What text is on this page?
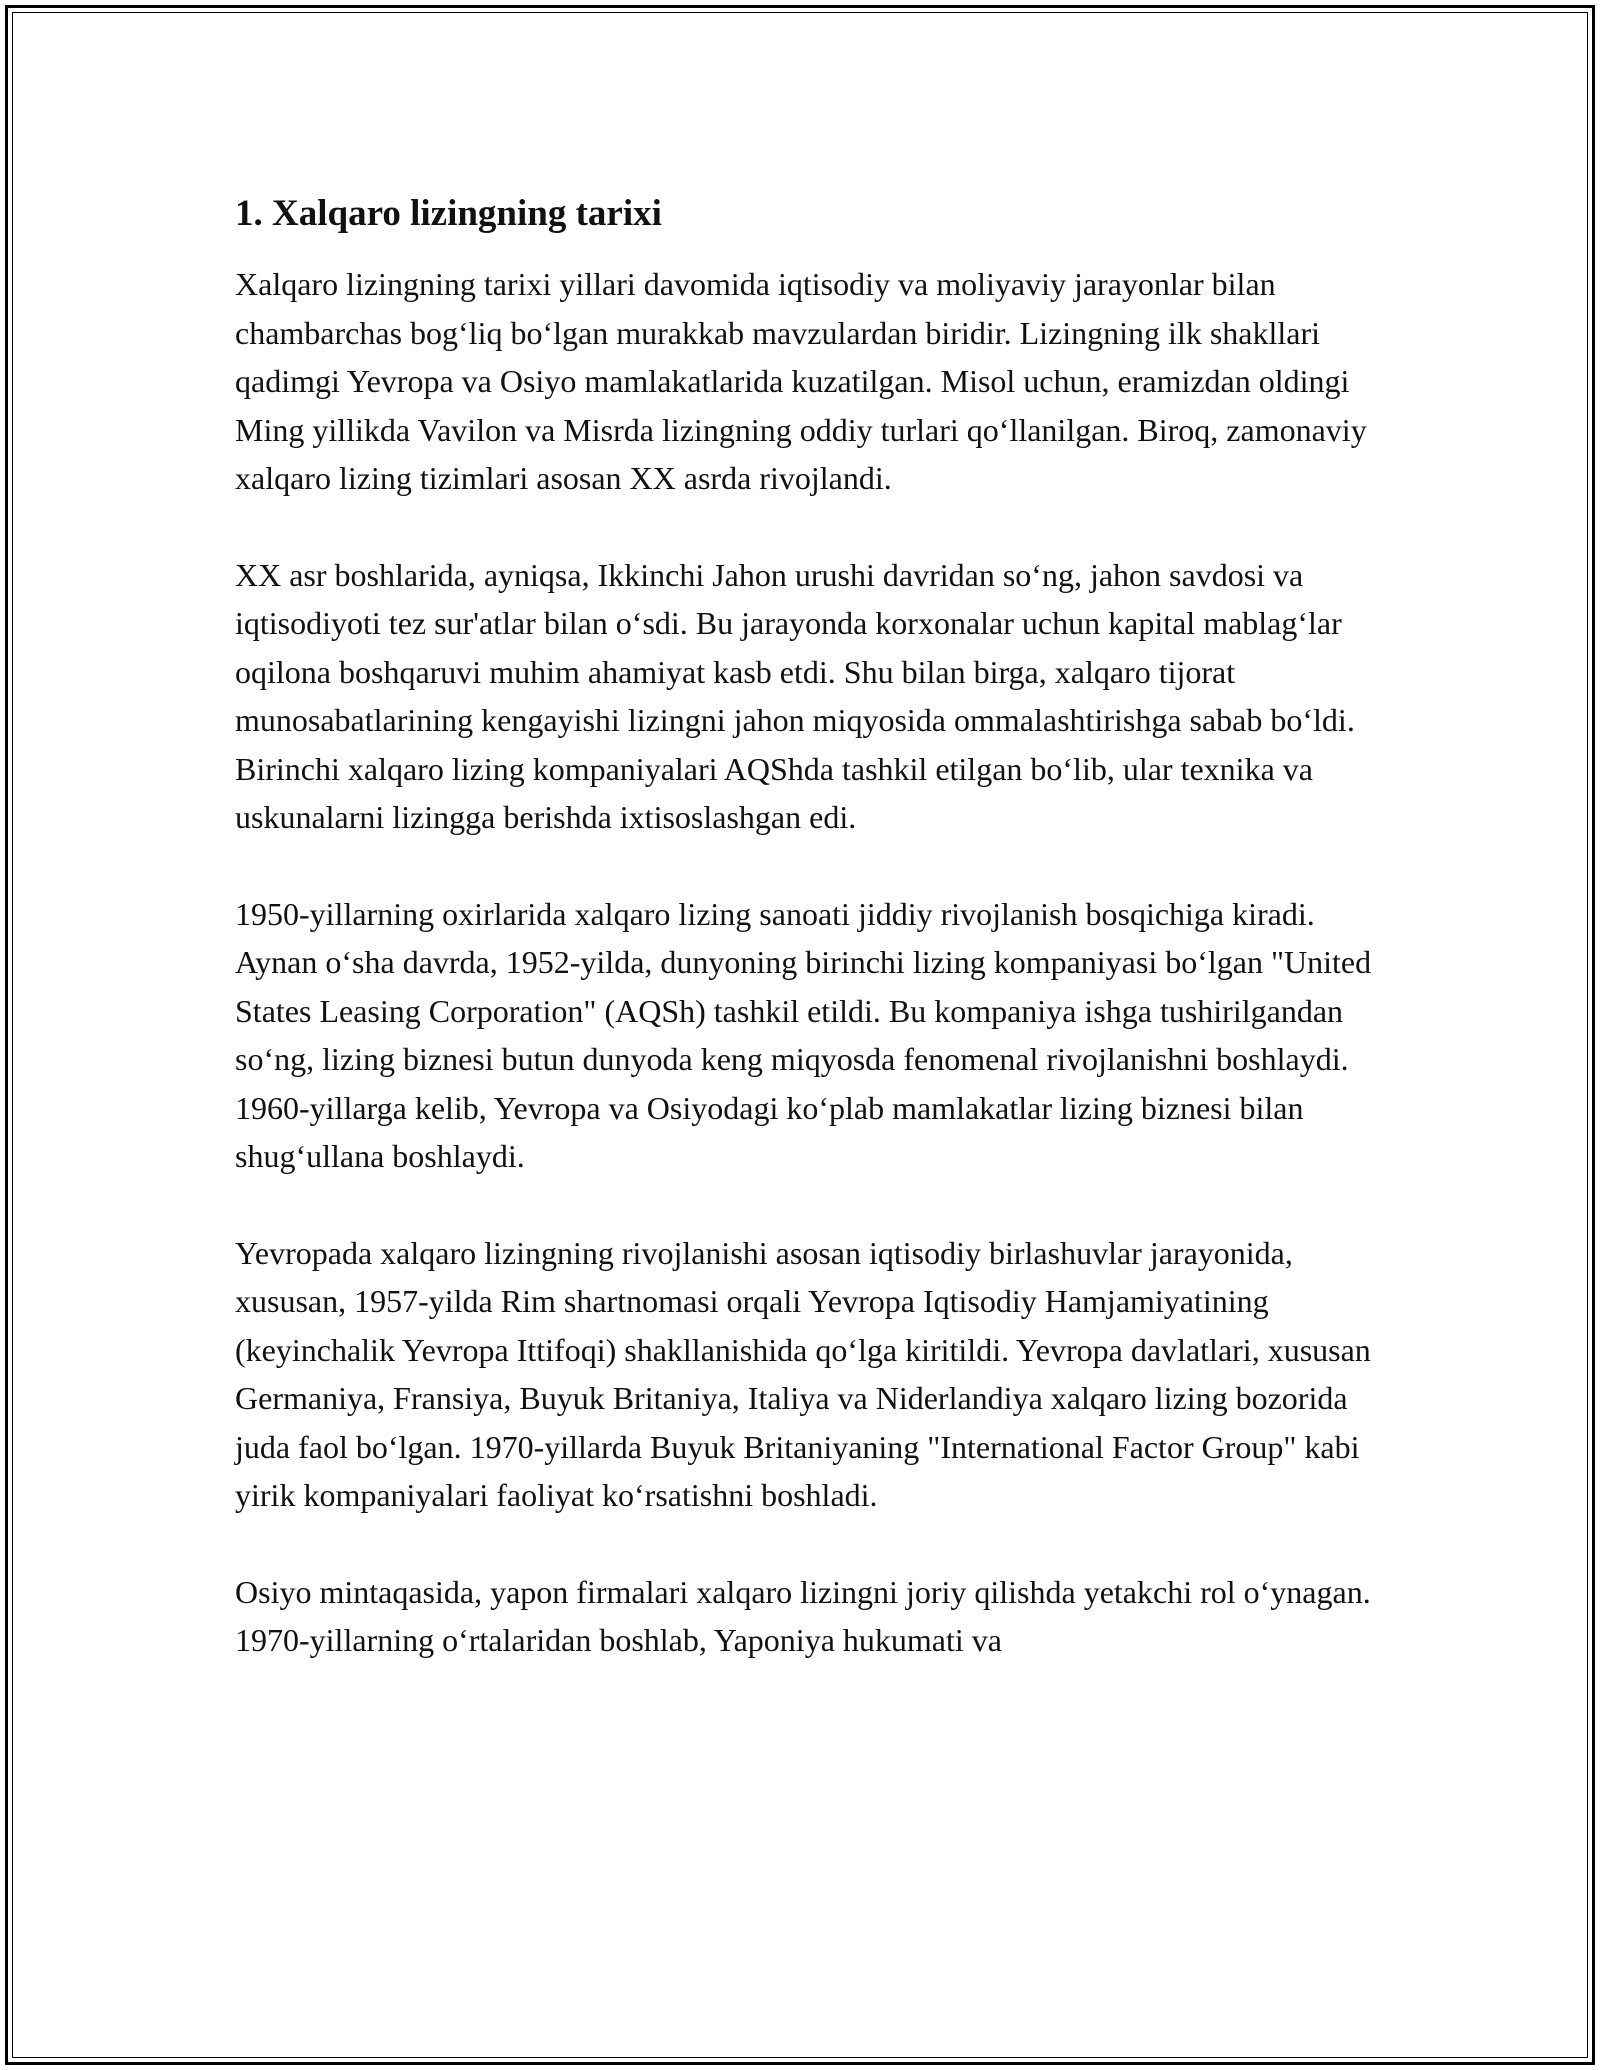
1. Xalqaro lizingning tarixi

Xalqaro lizingning tarixi yillari davomida iqtisodiy va moliyaviy jarayonlar bilan chambarchas bog‘liq bo‘lgan murakkab mavzulardan biridir. Lizingning ilk shakllari qadimgi Yevropa va Osiyo mamlakatlarida kuzatilgan. Misol uchun, eramizdan oldingi Ming yillikda Vavilon va Misrda lizingning oddiy turlari qo‘llanilgan. Biroq, zamonaviy xalqaro lizing tizimlari asosan XX asrda rivojlandi.

XX asr boshlarida, ayniqsa, Ikkinchi Jahon urushi davridan so‘ng, jahon savdosi va iqtisodiyoti tez sur'atlar bilan o‘sdi. Bu jarayonda korxonalar uchun kapital mablag‘lar oqilona boshqaruvi muhim ahamiyat kasb etdi. Shu bilan birga, xalqaro tijorat munosabatlarining kengayishi lizingni jahon miqyosida ommalashtirishga sabab bo‘ldi. Birinchi xalqaro lizing kompaniyalari AQShda tashkil etilgan bo‘lib, ular texnika va uskunalarni lizingga berishda ixtisoslashgan edi.

1950-yillarning oxirlarida xalqaro lizing sanoati jiddiy rivojlanish bosqichiga kiradi. Aynan o‘sha davrda, 1952-yilda, dunyoning birinchi lizing kompaniyasi bo‘lgan "United States Leasing Corporation" (AQSh) tashkil etildi. Bu kompaniya ishga tushirilgandan so‘ng, lizing biznesi butun dunyoda keng miqyosda fenomenal rivojlanishni boshlaydi. 1960-yillarga kelib, Yevropa va Osiyodagi ko‘plab mamlakatlar lizing biznesi bilan shug‘ullana boshlaydi.

Yevropada xalqaro lizingning rivojlanishi asosan iqtisodiy birlashuvlar jarayonida, xususan, 1957-yilda Rim shartnomasi orqali Yevropa Iqtisodiy Hamjamiyatining (keyinchalik Yevropa Ittifoqi) shakllanishida qo‘lga kiritildi. Yevropa davlatlari, xususan Germaniya, Fransiya, Buyuk Britaniya, Italiya va Niderlandiya xalqaro lizing bozorida juda faol bo‘lgan. 1970-yillarda Buyuk Britaniyaning "International Factor Group" kabi yirik kompaniyalari faoliyat ko‘rsatishni boshladi.

Osiyo mintaqasida, yapon firmalari xalqaro lizingni joriy qilishda yetakchi rol o‘ynagan. 1970-yillarning o‘rtalaridan boshlab, Yaponiya hukumati va
